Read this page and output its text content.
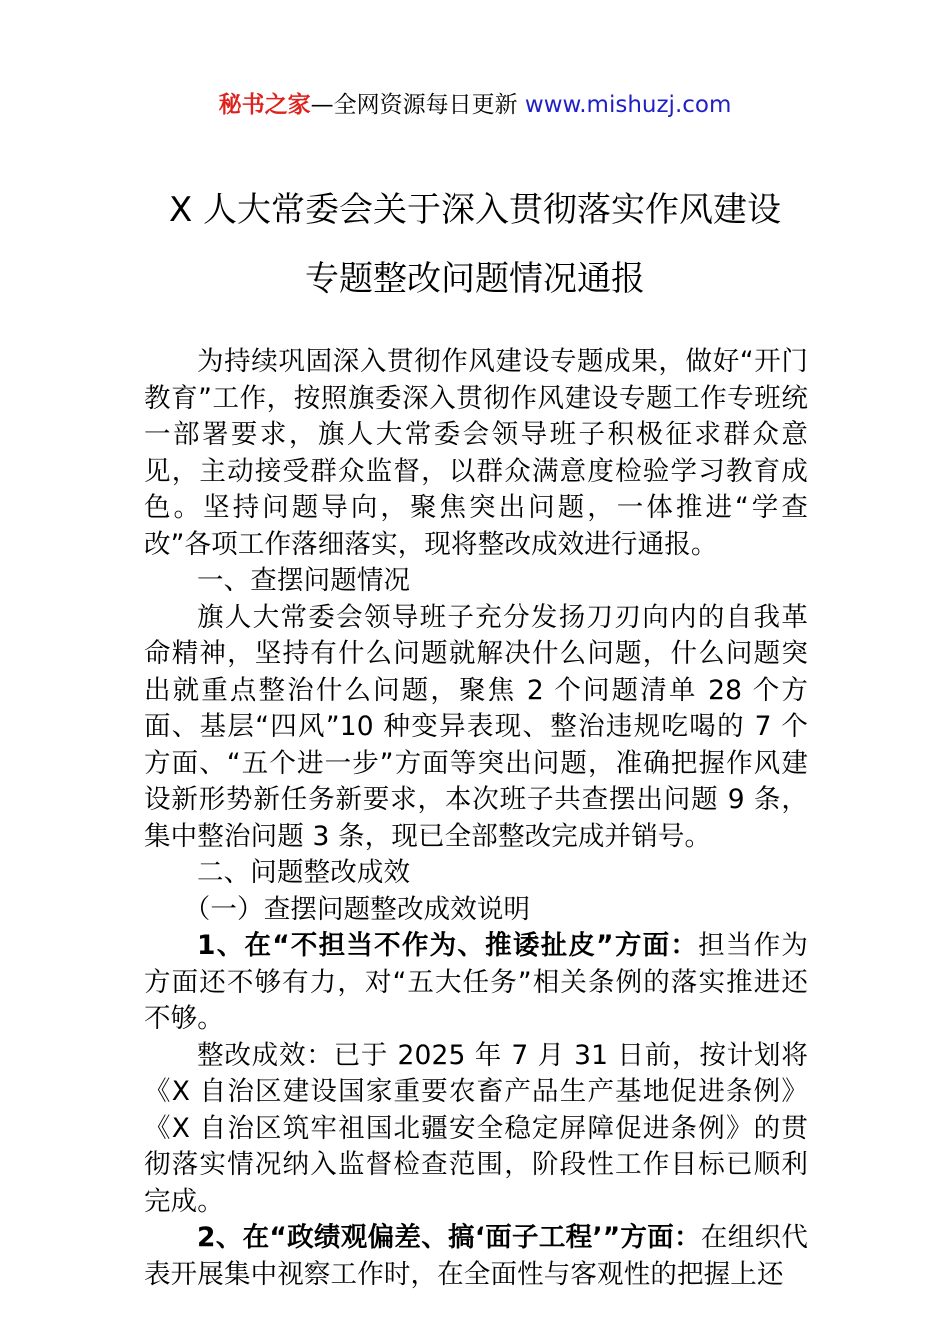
秘书之家—全网资源每日更新 www.mishuzj.com
X 人大常委会关于深入贯彻落实作风建设
专题整改问题情况通报

为持续巩固深入贯彻作风建设专题成果，做好“开门教育”工作，按照旗委深入贯彻作风建设专题工作专班统一部署要求，旗人大常委会领导班子积极征求群众意见，主动接受群众监督，以群众满意度检验学习教育成色。坚持问题导向，聚焦突出问题，一体推进“学查改”各项工作落细落实，现将整改成效进行通报。

一、查摆问题情况

旗人大常委会领导班子充分发扬刀刃向内的自我革命精神，坚持有什么问题就解决什么问题，什么问题突出就重点整治什么问题，聚焦 2 个问题清单 28 个方面、基层“四风”10 种变异表现、整治违规吃喝的 7 个方面、“五个进一步”方面等突出问题，准确把握作风建设新形势新任务新要求，本次班子共查摆出问题 9 条，集中整治问题 3 条，现已全部整改完成并销号。

二、问题整改成效

（一）查摆问题整改成效说明

1、在“不担当不作为、推诿扯皮”方面：担当作为方面还不够有力，对“五大任务”相关条例的落实推进还不够。

整改成效：已于 2025 年 7 月 31 日前，按计划将《X 自治区建设国家重要农畜产品生产基地促进条例》《X 自治区筑牢祖国北疆安全稳定屏障促进条例》的贯彻落实情况纳入监督检查范围，阶段性工作目标已顺利完成。

2、在“政绩观偏差、搞‘面子工程’”方面：在组织代表开展集中视察工作时，在全面性与客观性的把握上还
